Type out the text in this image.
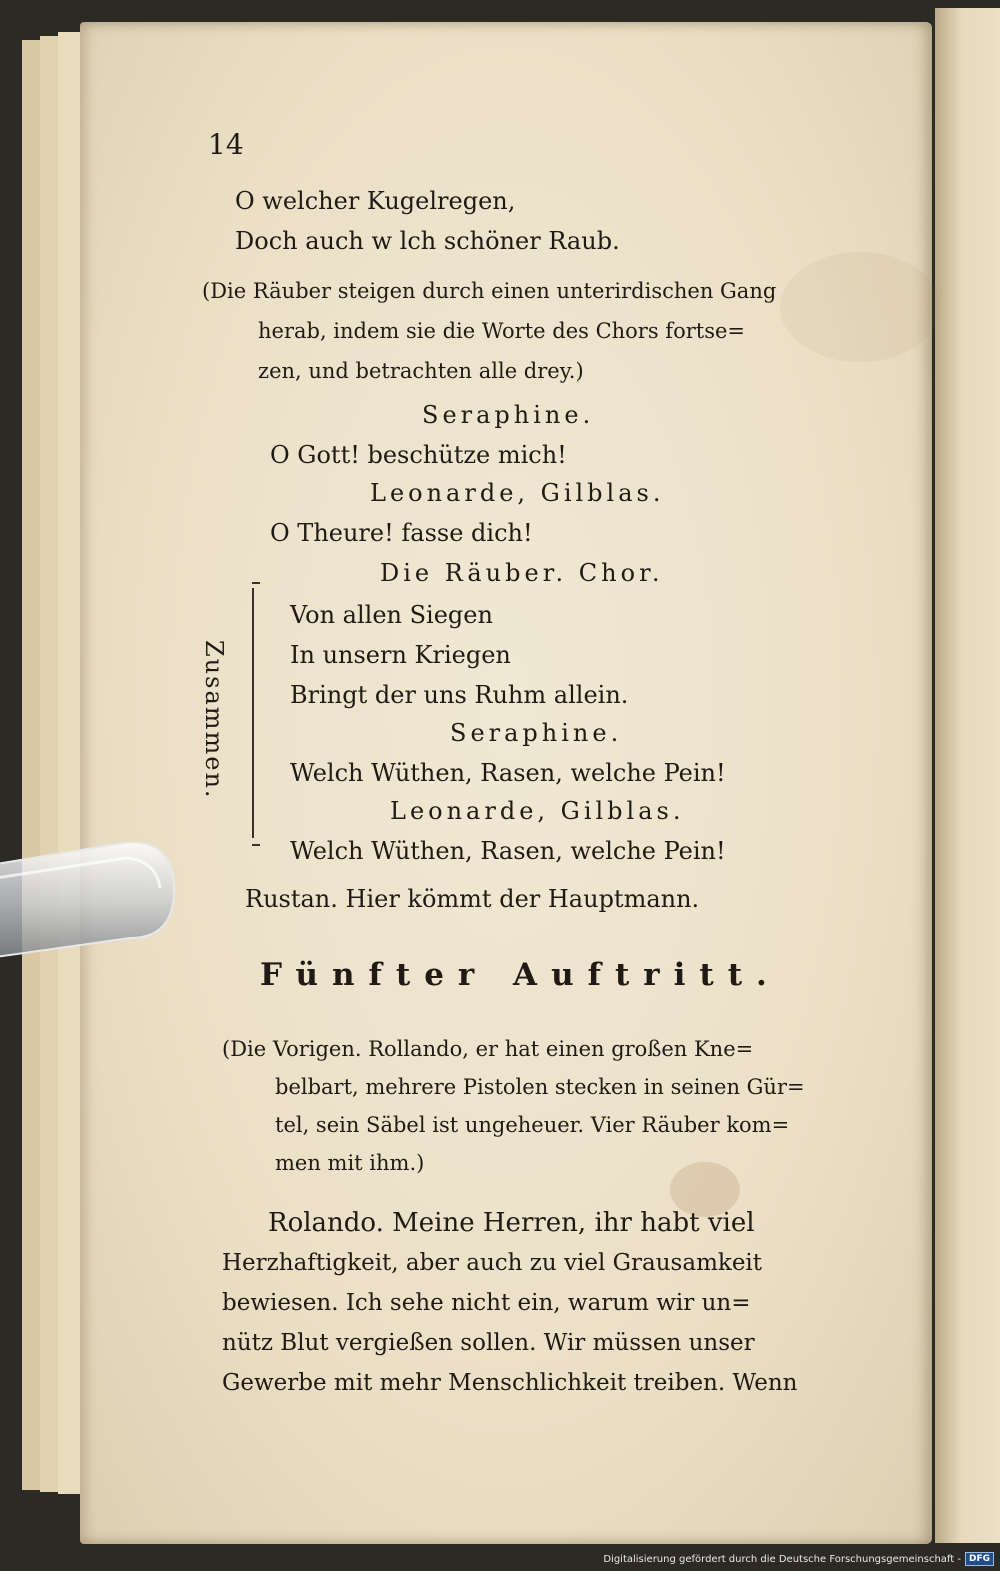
14
O welcher Kugelregen,
Doch auch w lch schöner Raub.
(Die Räuber steigen durch einen unterirdischen Gang
herab, indem sie die Worte des Chors fortse=
zen, und betrachten alle drey.)
Seraphine.
O Gott! beschütze mich!
Leonarde, Gilblas.
O Theure! fasse dich!
Die Räuber. Chor.
Von allen Siegen
In unsern Kriegen
Bringt der uns Ruhm allein.
Seraphine.
Welch Wüthen, Rasen, welche Pein!
Leonarde, Gilblas.
Welch Wüthen, Rasen, welche Pein!
Rustan. Hier kömmt der Hauptmann.
Fünfter Auftritt.
(Die Vorigen. Rollando, er hat einen großen Kne=
belbart, mehrere Pistolen stecken in seinen Gür=
tel, sein Säbel ist ungeheuer. Vier Räuber kom=
men mit ihm.)
Rolando. Meine Herren, ihr habt viel
Herzhaftigkeit, aber auch zu viel Grausamkeit
bewiesen. Ich sehe nicht ein, warum wir un=
nütz Blut vergießen sollen. Wir müssen unser
Gewerbe mit mehr Menschlichkeit treiben. Wenn
Zusammen.
Digitalisierung gefördert durch die Deutsche Forschungsgemeinschaft - DFG
